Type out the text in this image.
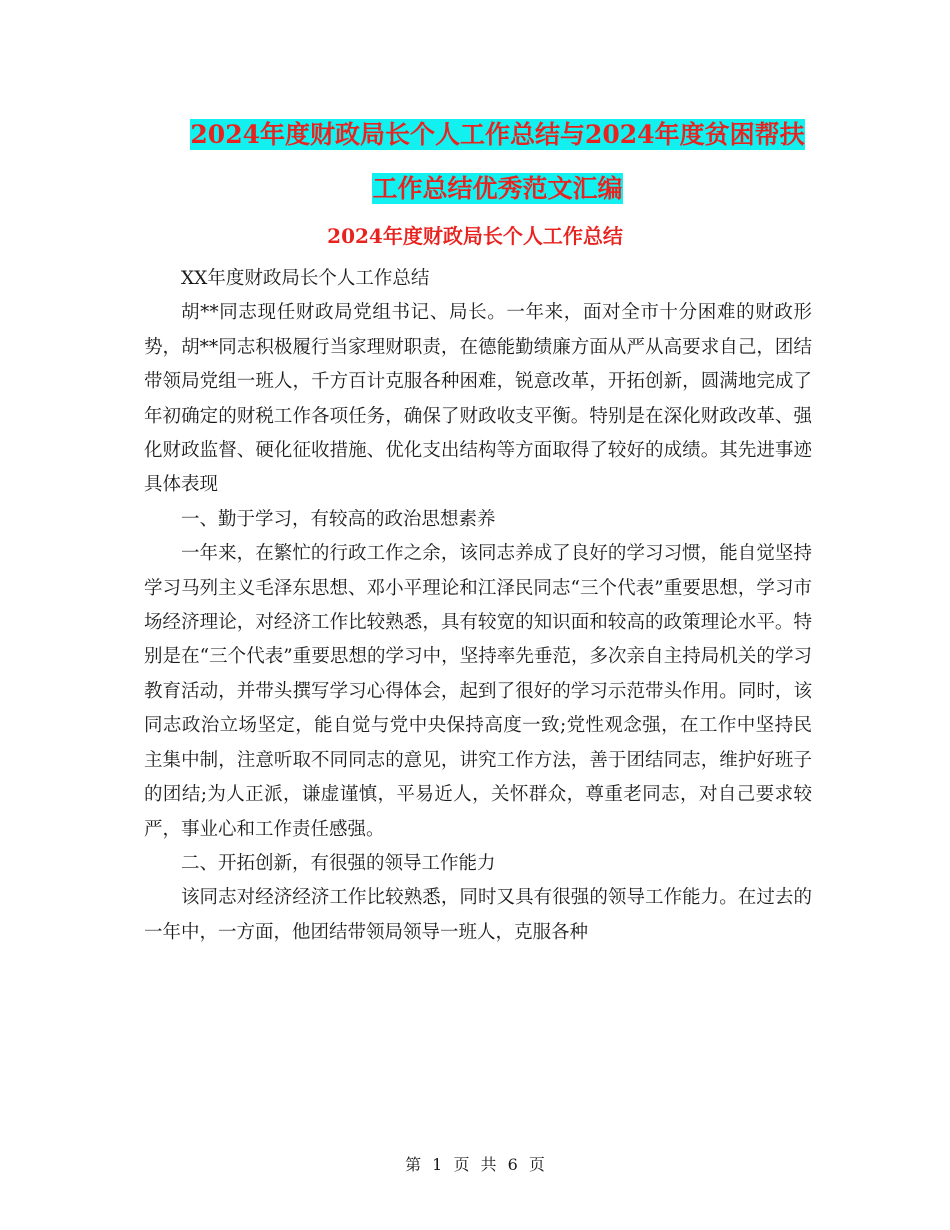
2024年度财政局长个人工作总结与2024年度贫困帮扶
工作总结优秀范文汇编
2024年度财政局长个人工作总结

XX年度财政局长个人工作总结

胡**同志现任财政局党组书记、局长。一年来，面对全市十分困难的财政形势，胡**同志积极履行当家理财职责，在德能勤绩廉方面从严从高要求自己，团结带领局党组一班人，千方百计克服各种困难，锐意改革，开拓创新，圆满地完成了年初确定的财税工作各项任务，确保了财政收支平衡。特别是在深化财政改革、强化财政监督、硬化征收措施、优化支出结构等方面取得了较好的成绩。其先进事迹具体表现

一、勤于学习，有较高的政治思想素养

一年来，在繁忙的行政工作之余，该同志养成了良好的学习习惯，能自觉坚持学习马列主义毛泽东思想、邓小平理论和江泽民同志“三个代表”重要思想，学习市场经济理论，对经济工作比较熟悉，具有较宽的知识面和较高的政策理论水平。特别是在“三个代表”重要思想的学习中，坚持率先垂范，多次亲自主持局机关的学习教育活动，并带头撰写学习心得体会，起到了很好的学习示范带头作用。同时，该同志政治立场坚定，能自觉与党中央保持高度一致;党性观念强，在工作中坚持民主集中制，注意听取不同同志的意见，讲究工作方法，善于团结同志，维护好班子的团结;为人正派，谦虚谨慎，平易近人，关怀群众，尊重老同志，对自己要求较严，事业心和工作责任感强。

二、开拓创新，有很强的领导工作能力

该同志对经济经济工作比较熟悉，同时又具有很强的领导工作能力。在过去的一年中，一方面，他团结带领局领导一班人，克服各种

第 1 页 共 6 页
